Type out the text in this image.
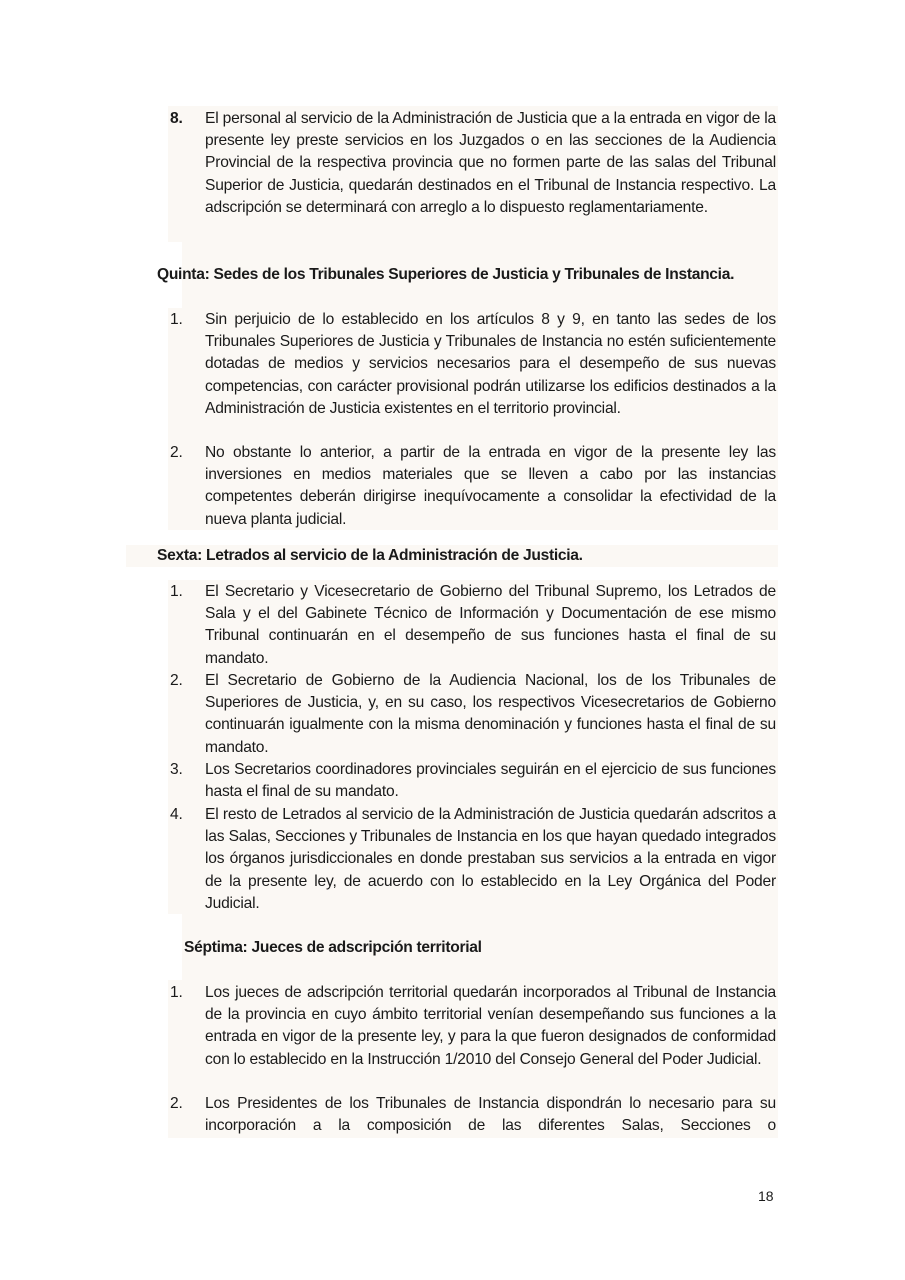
8.	El personal al servicio de la Administración de Justicia que a la entrada en vigor de la presente ley preste servicios en los Juzgados o en las secciones de la Audiencia Provincial de la respectiva provincia que no formen parte de las salas del Tribunal Superior de Justicia, quedarán destinados en el Tribunal de Instancia respectivo. La adscripción se determinará con arreglo a lo dispuesto reglamentariamente.
Quinta: Sedes de los Tribunales Superiores de Justicia y Tribunales de Instancia.
1.	Sin perjuicio de lo establecido en los artículos 8 y 9, en tanto las sedes de los Tribunales Superiores de Justicia y Tribunales de Instancia no estén suficientemente dotadas de medios y servicios necesarios para el desempeño de sus nuevas competencias, con carácter provisional podrán utilizarse los edificios destinados a la Administración de Justicia existentes en el territorio provincial.
2.	No obstante lo anterior, a partir de la entrada en vigor de la presente ley las inversiones en medios materiales que se lleven a cabo por las instancias competentes deberán dirigirse inequívocamente a consolidar la efectividad de la nueva planta judicial.
Sexta: Letrados al servicio de la Administración de Justicia.
1.	El Secretario y Vicesecretario de Gobierno del Tribunal Supremo, los Letrados de Sala y el del Gabinete Técnico de Información y Documentación de ese mismo Tribunal continuarán en el desempeño de sus funciones hasta el final de su mandato.
2.	El Secretario de Gobierno de la Audiencia Nacional, los de los Tribunales de Superiores de Justicia, y, en su caso, los respectivos Vicesecretarios de Gobierno continuarán igualmente con la misma denominación y funciones hasta el final de su mandato.
3.	Los Secretarios coordinadores provinciales seguirán en el ejercicio de sus funciones hasta el final de su mandato.
4.	El resto de Letrados al servicio de la Administración de Justicia quedarán adscritos a las Salas, Secciones y Tribunales de Instancia en los que hayan quedado integrados los órganos jurisdiccionales en donde prestaban sus servicios a la entrada en vigor de la presente ley, de acuerdo con lo establecido en la Ley Orgánica del Poder Judicial.
Séptima: Jueces de adscripción territorial
1.	Los jueces de adscripción territorial quedarán incorporados al Tribunal de Instancia de la provincia en cuyo ámbito territorial venían desempeñando sus funciones a la entrada en vigor de la presente ley, y para la que fueron designados de conformidad con lo establecido en la Instrucción 1/2010 del Consejo General del Poder Judicial.
2.	Los Presidentes de los Tribunales de Instancia dispondrán lo necesario para su incorporación a la composición de las diferentes Salas, Secciones o
18
